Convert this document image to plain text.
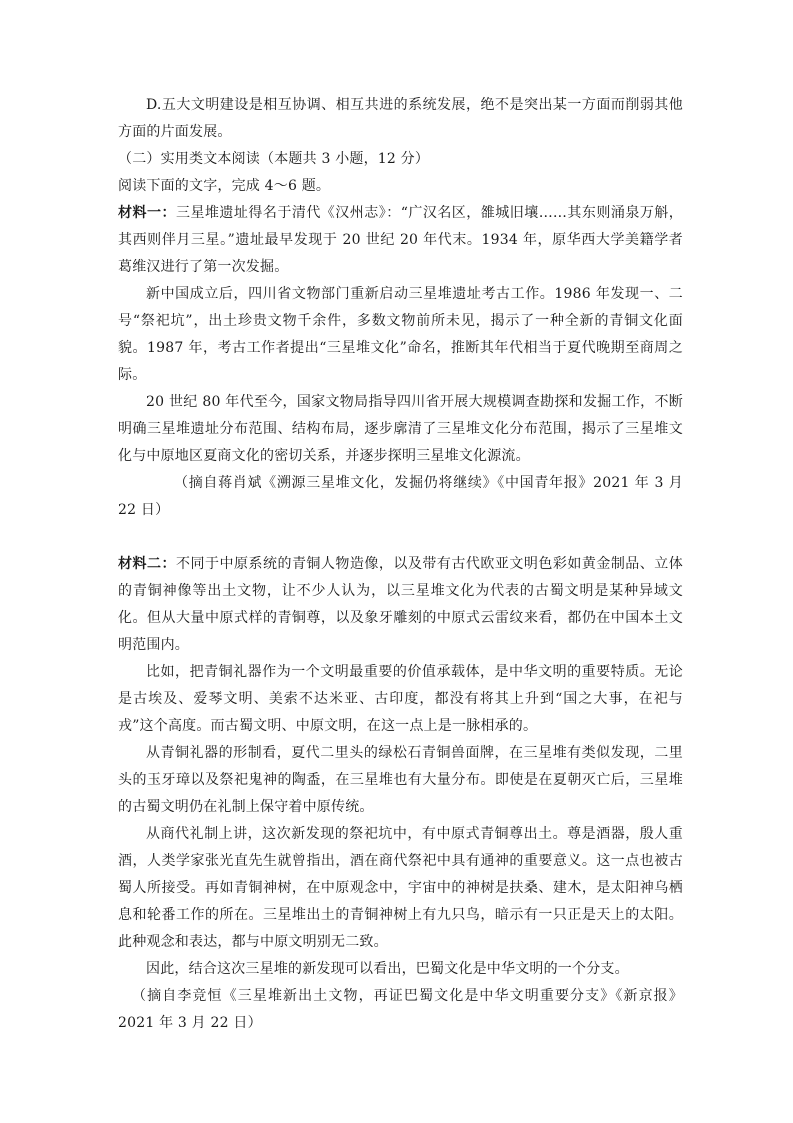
D.五大文明建设是相互协调、相互共进的系统发展，绝不是突出某一方面而削弱其他方面的片面发展。

（二）实用类文本阅读（本题共 3 小题，12 分）

阅读下面的文字，完成 4～6 题。

材料一：三星堆遗址得名于清代《汉州志》：“广汉名区，雒城旧壤……其东则涌泉万斛，其西则伴月三星。”遗址最早发现于 20 世纪 20 年代末。1934 年，原华西大学美籍学者葛维汉进行了第一次发掘。

新中国成立后，四川省文物部门重新启动三星堆遗址考古工作。1986 年发现一、二号“祭祀坑”，出土珍贵文物千余件，多数文物前所未见，揭示了一种全新的青铜文化面貌。1987 年，考古工作者提出“三星堆文化”命名，推断其年代相当于夏代晚期至商周之际。

20 世纪 80 年代至今，国家文物局指导四川省开展大规模调查勘探和发掘工作，不断明确三星堆遗址分布范围、结构布局，逐步廓清了三星堆文化分布范围，揭示了三星堆文化与中原地区夏商文化的密切关系，并逐步探明三星堆文化源流。

（摘自蒋肖斌《溯源三星堆文化，发掘仍将继续》《中国青年报》2021 年 3 月 22 日）

材料二：不同于中原系统的青铜人物造像，以及带有古代欧亚文明色彩如黄金制品、立体的青铜神像等出土文物，让不少人认为，以三星堆文化为代表的古蜀文明是某种异域文化。但从大量中原式样的青铜尊，以及象牙雕刻的中原式云雷纹来看，都仍在中国本土文明范围内。

比如，把青铜礼器作为一个文明最重要的价值承载体，是中华文明的重要特质。无论是古埃及、爱琴文明、美索不达米亚、古印度，都没有将其上升到“国之大事，在祀与戎”这个高度。而古蜀文明、中原文明，在这一点上是一脉相承的。

从青铜礼器的形制看，夏代二里头的绿松石青铜兽面牌，在三星堆有类似发现，二里头的玉牙璋以及祭祀鬼神的陶盉，在三星堆也有大量分布。即使是在夏朝灭亡后，三星堆的古蜀文明仍在礼制上保守着中原传统。

从商代礼制上讲，这次新发现的祭祀坑中，有中原式青铜尊出土。尊是酒器，殷人重酒，人类学家张光直先生就曾指出，酒在商代祭祀中具有通神的重要意义。这一点也被古蜀人所接受。再如青铜神树，在中原观念中，宇宙中的神树是扶桑、建木，是太阳神乌栖息和轮番工作的所在。三星堆出土的青铜神树上有九只鸟，暗示有一只正是天上的太阳。此种观念和表达，都与中原文明别无二致。

因此，结合这次三星堆的新发现可以看出，巴蜀文化是中华文明的一个分支。

（摘自李竞恒《三星堆新出土文物，再证巴蜀文化是中华文明重要分支》《新京报》2021 年 3 月 22 日）
